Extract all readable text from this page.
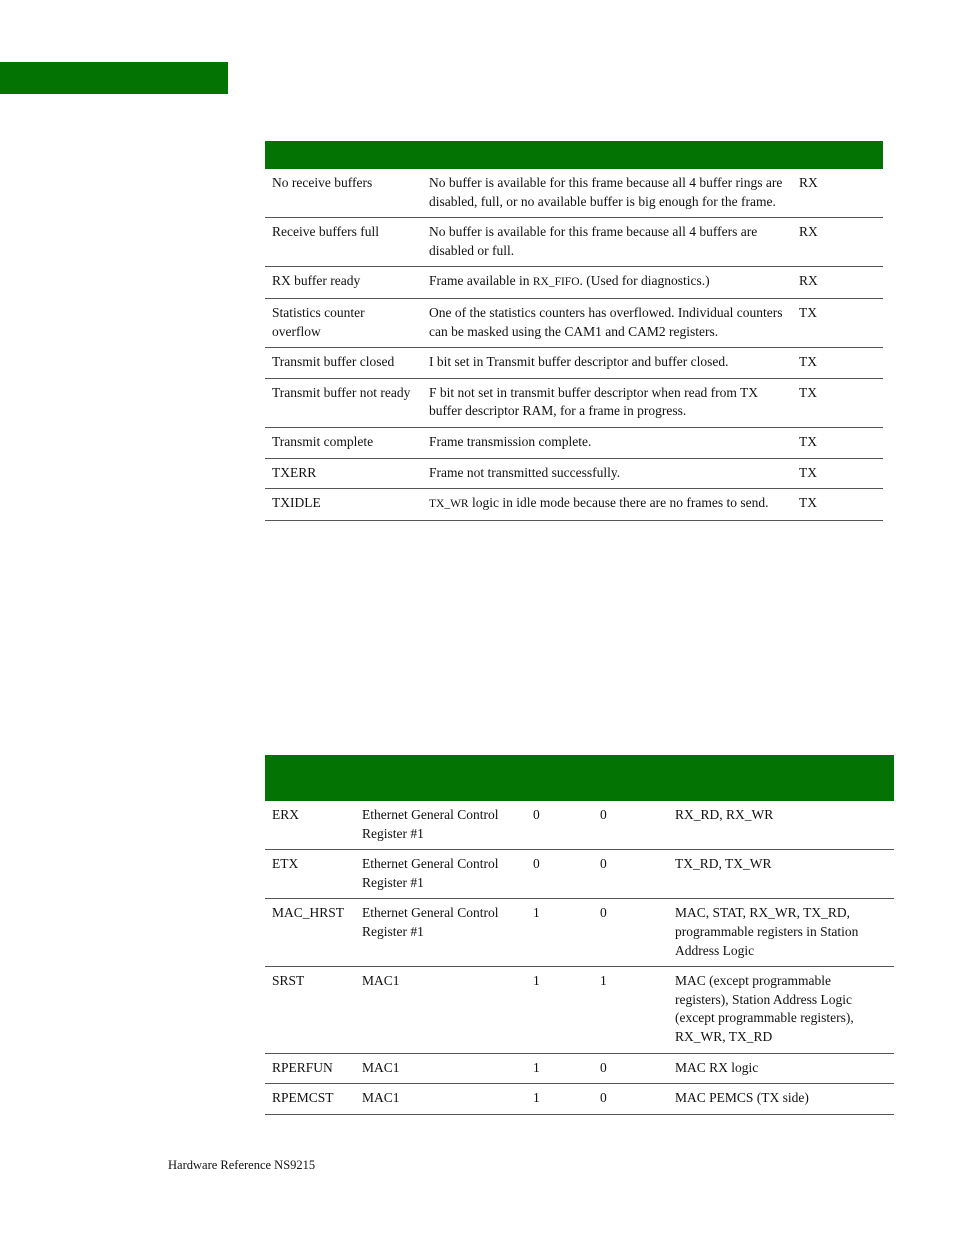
No receive buffers	No buffer is available for this frame because all 4 buffer rings are disabled, full, or no available buffer is big enough for the frame.	RX
Receive buffers full	No buffer is available for this frame because all 4 buffers are disabled or full.	RX
RX buffer ready	Frame available in RX_FIFO. (Used for diagnostics.)	RX
Statistics counter overflow	One of the statistics counters has overflowed. Individual counters can be masked using the CAM1 and CAM2 registers.	TX
Transmit buffer closed	I bit set in Transmit buffer descriptor and buffer closed.	TX
Transmit buffer not ready	F bit not set in transmit buffer descriptor when read from TX buffer descriptor RAM, for a frame in progress.	TX
Transmit complete	Frame transmission complete.	TX
TXERR	Frame not transmitted successfully.	TX
TXIDLE	TX_WR logic in idle mode because there are no frames to send.	TX

ERX	Ethernet General Control Register #1	0	0	RX_RD, RX_WR
ETX	Ethernet General Control Register #1	0	0	TX_RD, TX_WR
MAC_HRST	Ethernet General Control Register #1	1	0	MAC, STAT, RX_WR, TX_RD, programmable registers in Station Address Logic
SRST	MAC1	1	1	MAC (except programmable registers), Station Address Logic (except programmable registers), RX_WR, TX_RD
RPERFUN	MAC1	1	0	MAC RX logic
RPEMCST	MAC1	1	0	MAC PEMCS (TX side)
Hardware Reference NS9215
